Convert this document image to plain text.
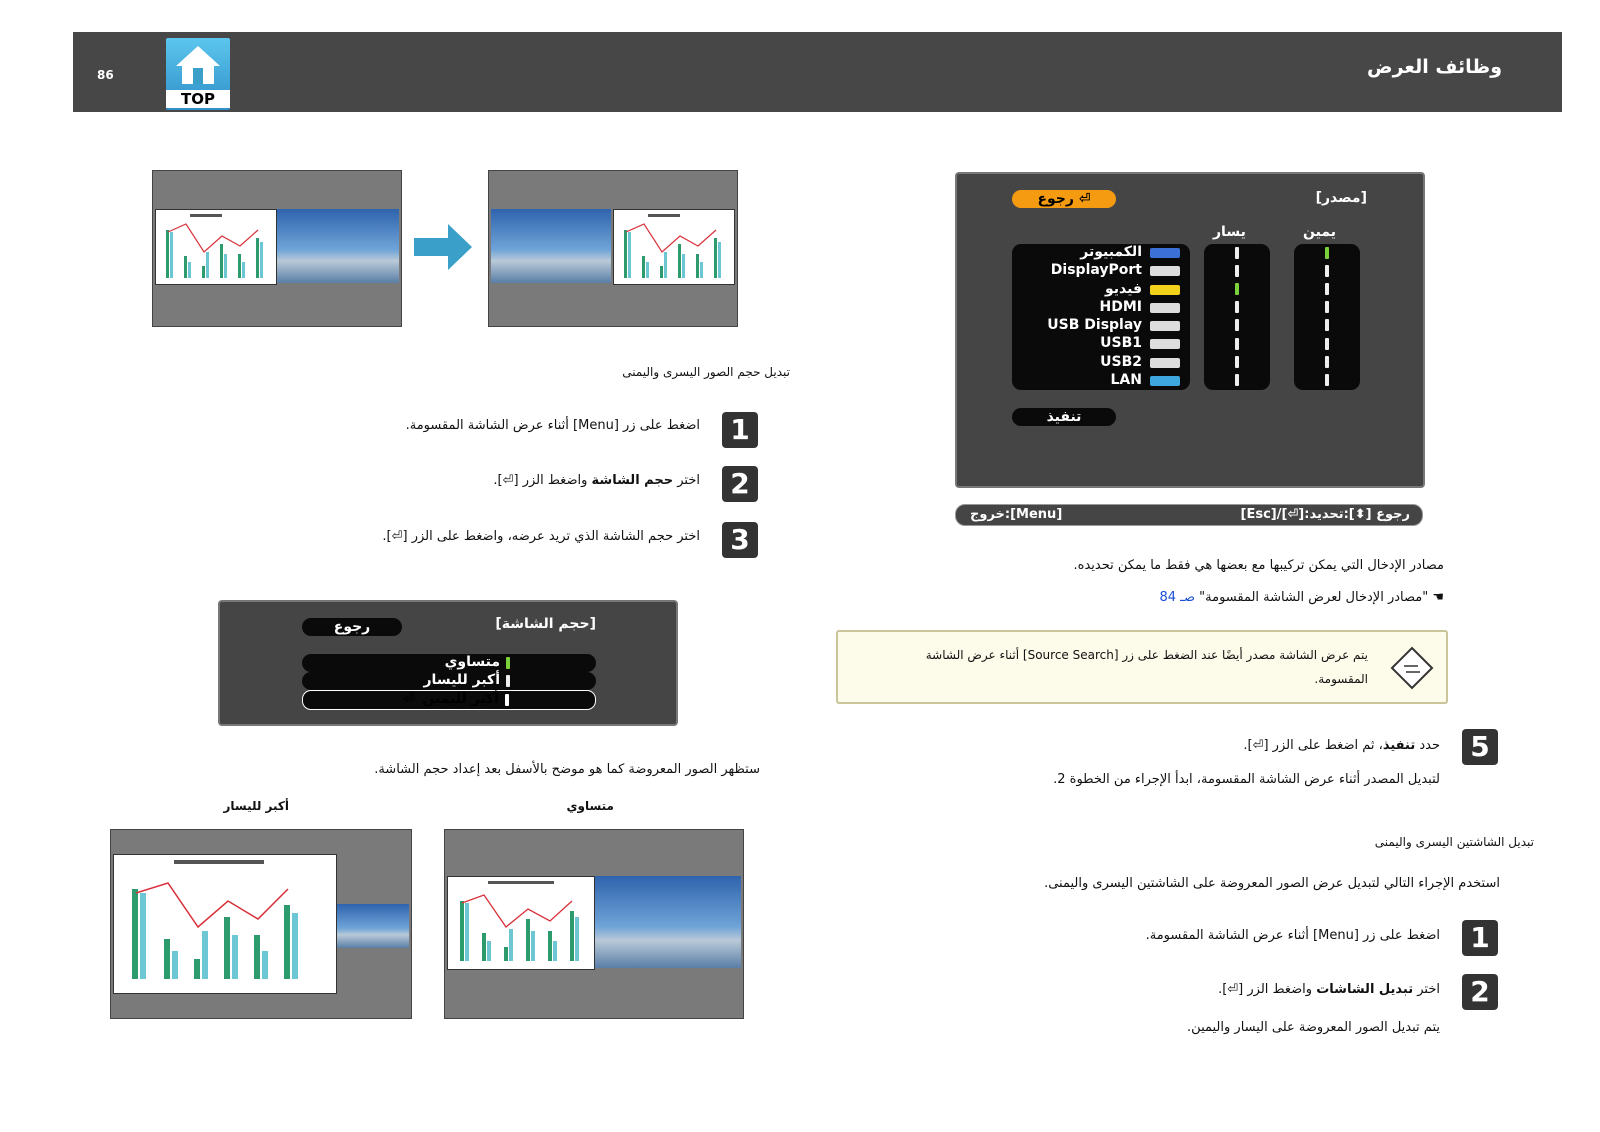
86
TOP
وظائف العرض
تبديل حجم الصور اليسرى واليمنى
1
اضغط على زر [Menu] أثناء عرض الشاشة المقسومة.
2
اختر حجم الشاشة واضغط الزر [⏎].
3
اختر حجم الشاشة الذي تريد عرضه، واضغط على الزر [⏎].
[حجم الشاشة]
رجوع
متساوي
أكبر لليسار
أكبر لليمين
⏎
ستظهر الصور المعروضة كما هو موضح بالأسفل بعد إعداد حجم الشاشة.
متساوي
أكبر لليسار
[مصدر]
رجوع ⏎
يمين
يسار
الكمبيوتر
DisplayPort
فيديو
HDMI
USB Display
USB1
USB2
LAN
تنفيذ
[Menu]:خروج	[Esc]/[⏎]:رجوع [⬍]:تحديد
مصادر الإدخال التي يمكن تركيبها مع بعضها هي فقط ما يمكن تحديده.
☚ "مصادر الإدخال لعرض الشاشة المقسومة" صـ 84
يتم عرض الشاشة مصدر أيضًا عند الضغط على زر [Source Search] أثناء عرض الشاشة
المقسومة.
5
حدد تنفيذ، ثم اضغط على الزر [⏎].
لتبديل المصدر أثناء عرض الشاشة المقسومة، ابدأ الإجراء من الخطوة 2.
تبديل الشاشتين اليسرى واليمنى
استخدم الإجراء التالي لتبديل عرض الصور المعروضة على الشاشتين اليسرى واليمنى.
1
اضغط على زر [Menu] أثناء عرض الشاشة المقسومة.
2
اختر تبديل الشاشات واضغط الزر [⏎].
يتم تبديل الصور المعروضة على اليسار واليمين.
